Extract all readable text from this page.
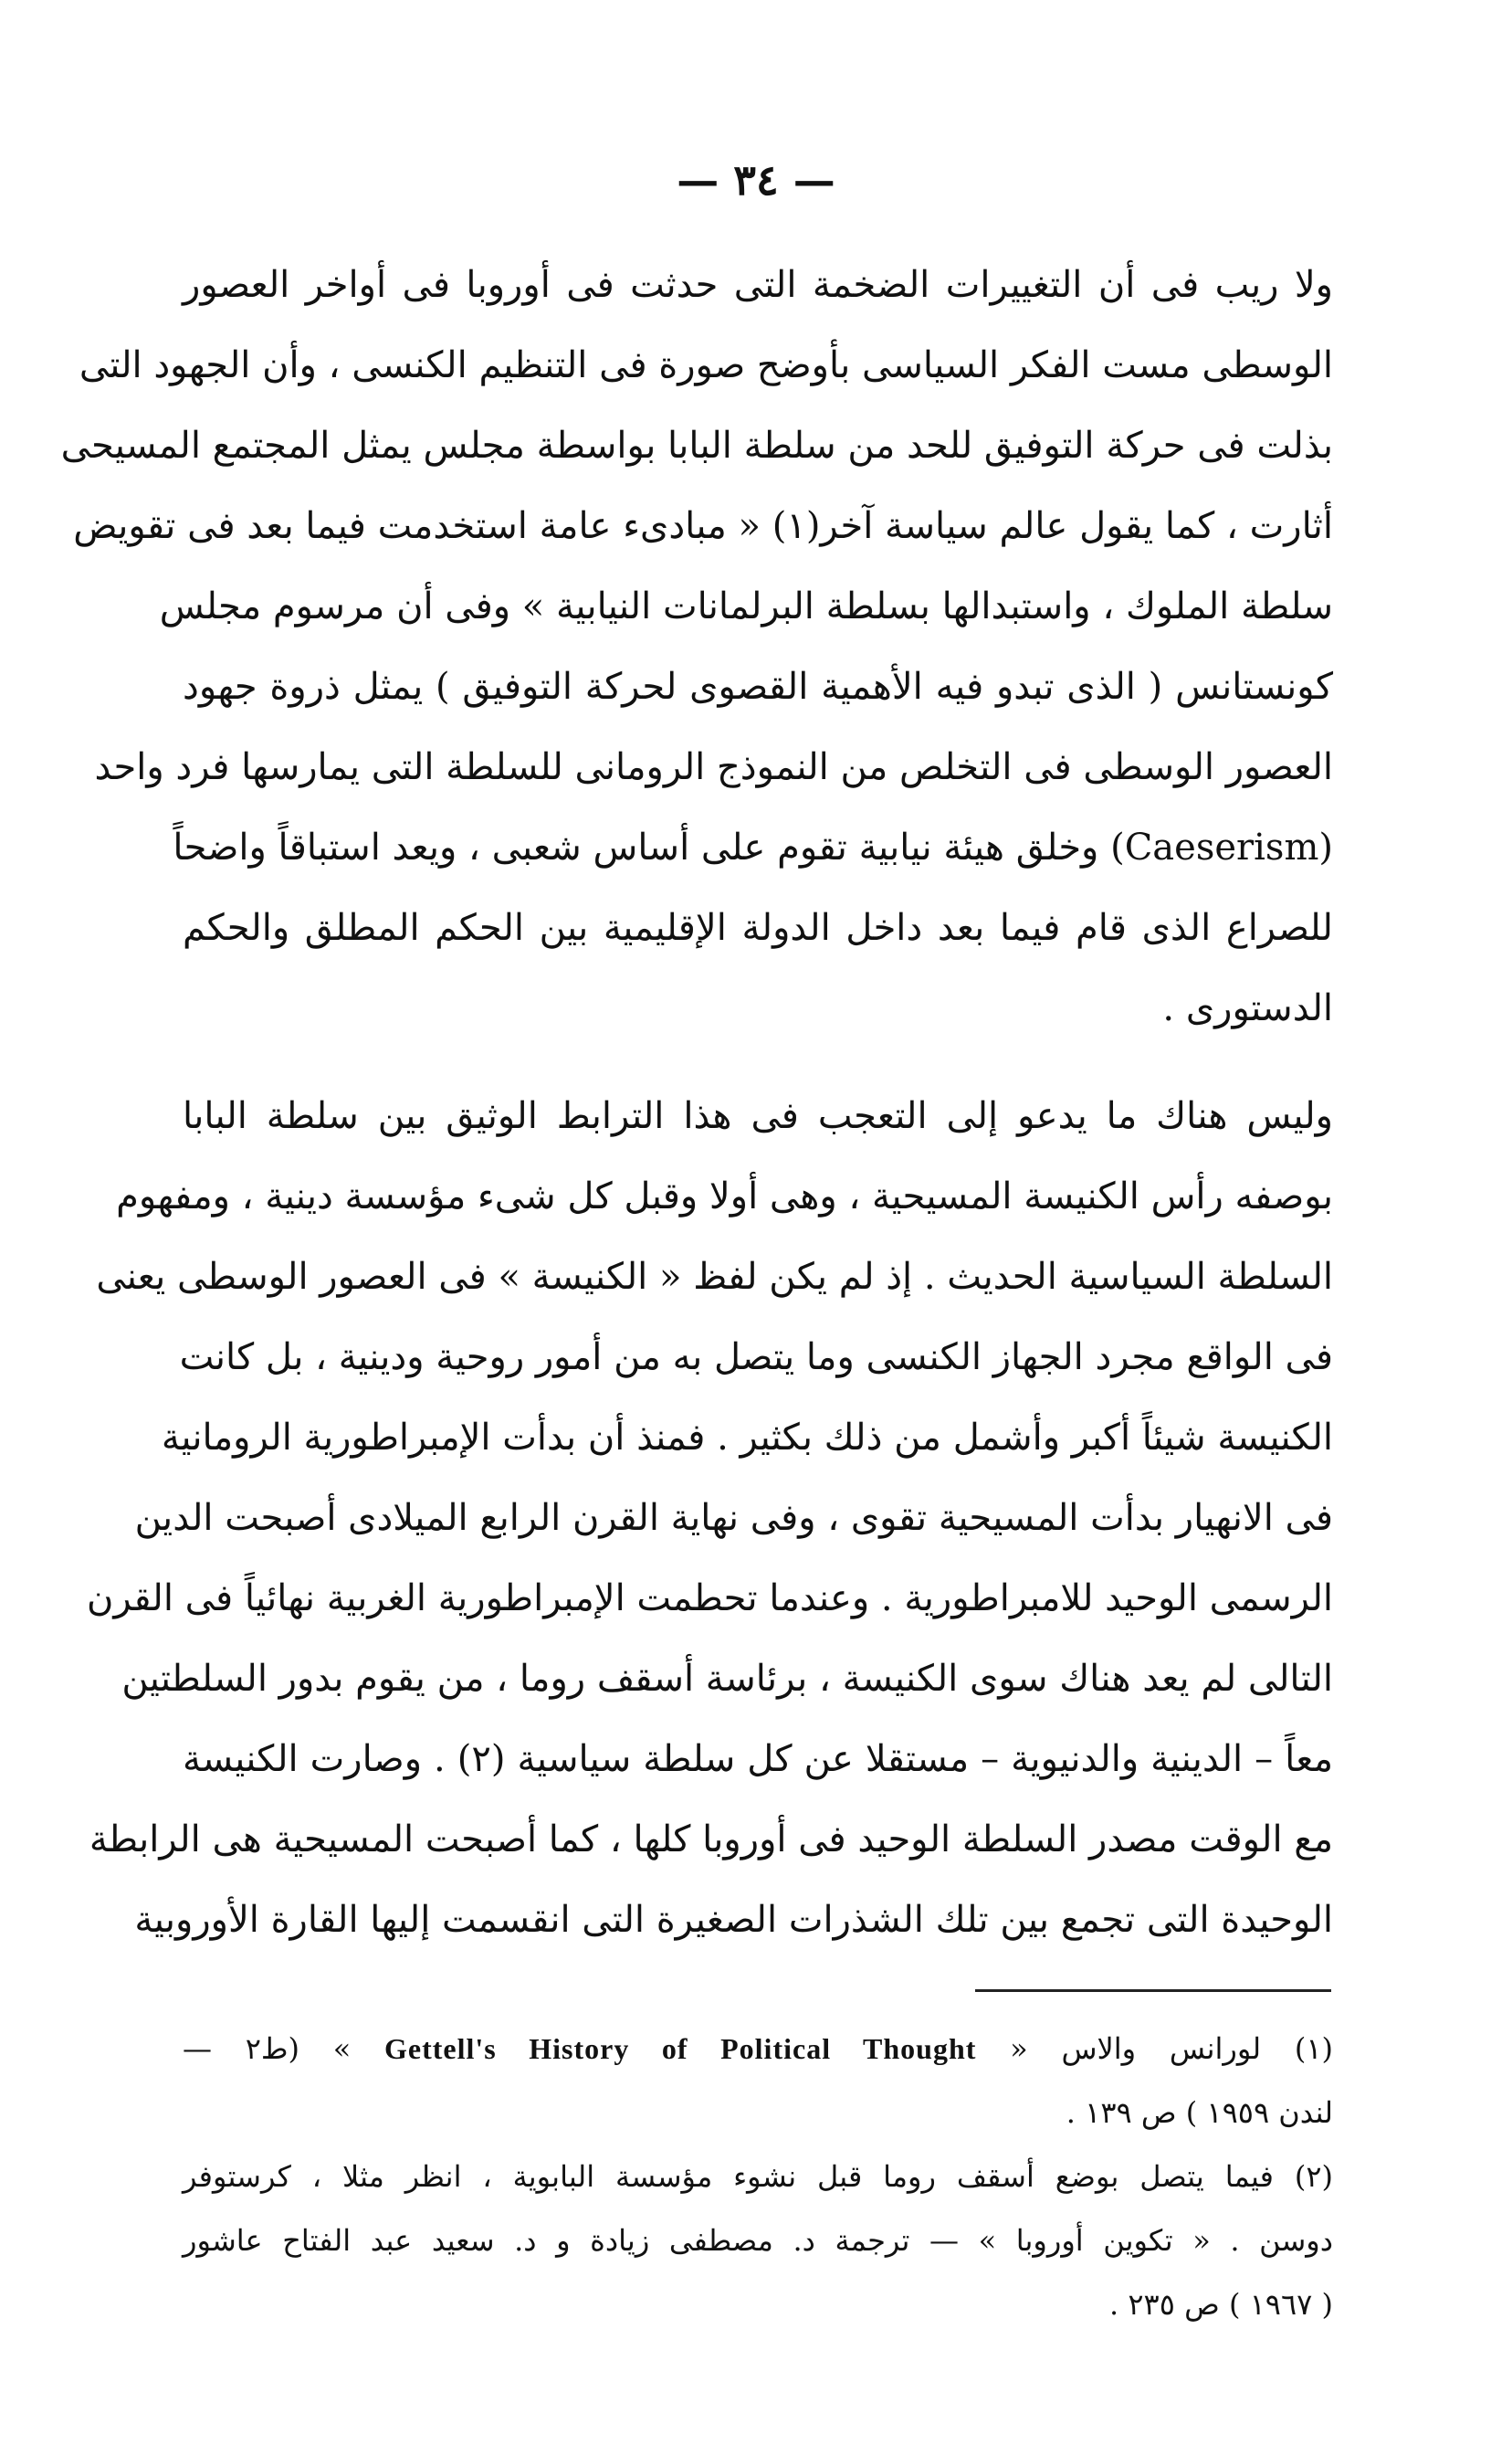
— ٣٤ —
ولا ريب فى أن التغييرات الضخمة التى حدثت فى أوروبا فى أواخر العصور
الوسطى مست الفكر السياسى بأوضح صورة فى التنظيم الكنسى ، وأن الجهود التى
بذلت فى حركة التوفيق للحد من سلطة البابا بواسطة مجلس يمثل المجتمع المسيحى
أثارت ، كما يقول عالم سياسة آخر(١) « مبادىء عامة استخدمت فيما بعد فى تقويض
سلطة الملوك ، واستبدالها بسلطة البرلمانات النيابية » وفى أن مرسوم مجلس
كونستانس ( الذى تبدو فيه الأهمية القصوى لحركة التوفيق ) يمثل ذروة جهود
العصور الوسطى فى التخلص من النموذج الرومانى للسلطة التى يمارسها فرد واحد
(Caeserism) وخلق هيئة نيابية تقوم على أساس شعبى ، ويعد استباقاً واضحاً
للصراع الذى قام فيما بعد داخل الدولة الإقليمية بين الحكم المطلق والحكم
الدستورى .
وليس هناك ما يدعو إلى التعجب فى هذا الترابط الوثيق بين سلطة البابا
بوصفه رأس الكنيسة المسيحية ، وهى أولا وقبل كل شىء مؤسسة دينية ، ومفهوم
السلطة السياسية الحديث . إذ لم يكن لفظ « الكنيسة » فى العصور الوسطى يعنى
فى الواقع مجرد الجهاز الكنسى وما يتصل به من أمور روحية ودينية ، بل كانت
الكنيسة شيئاً أكبر وأشمل من ذلك بكثير . فمنذ أن بدأت الإمبراطورية الرومانية
فى الانهيار بدأت المسيحية تقوى ، وفى نهاية القرن الرابع الميلادى أصبحت الدين
الرسمى الوحيد للامبراطورية . وعندما تحطمت الإمبراطورية الغربية نهائياً فى القرن
التالى لم يعد هناك سوى الكنيسة ، برئاسة أسقف روما ، من يقوم بدور السلطتين
معاً – الدينية والدنيوية – مستقلا عن كل سلطة سياسية (٢) . وصارت الكنيسة
مع الوقت مصدر السلطة الوحيد فى أوروبا كلها ، كما أصبحت المسيحية هى الرابطة
الوحيدة التى تجمع بين تلك الشذرات الصغيرة التى انقسمت إليها القارة الأوروبية
(١) لورانس والاس « Gettell's History of Political Thought » (ط٢ —
لندن ١٩٥٩ ) ص ١٣٩ .
(٢) فيما يتصل بوضع أسقف روما قبل نشوء مؤسسة البابوية ، انظر مثلا ، كرستوفر
دوسن . « تكوين أوروبا » — ترجمة د. مصطفى زيادة و د. سعيد عبد الفتاح عاشور
( ١٩٦٧ ) ص ٢٣٥ .
